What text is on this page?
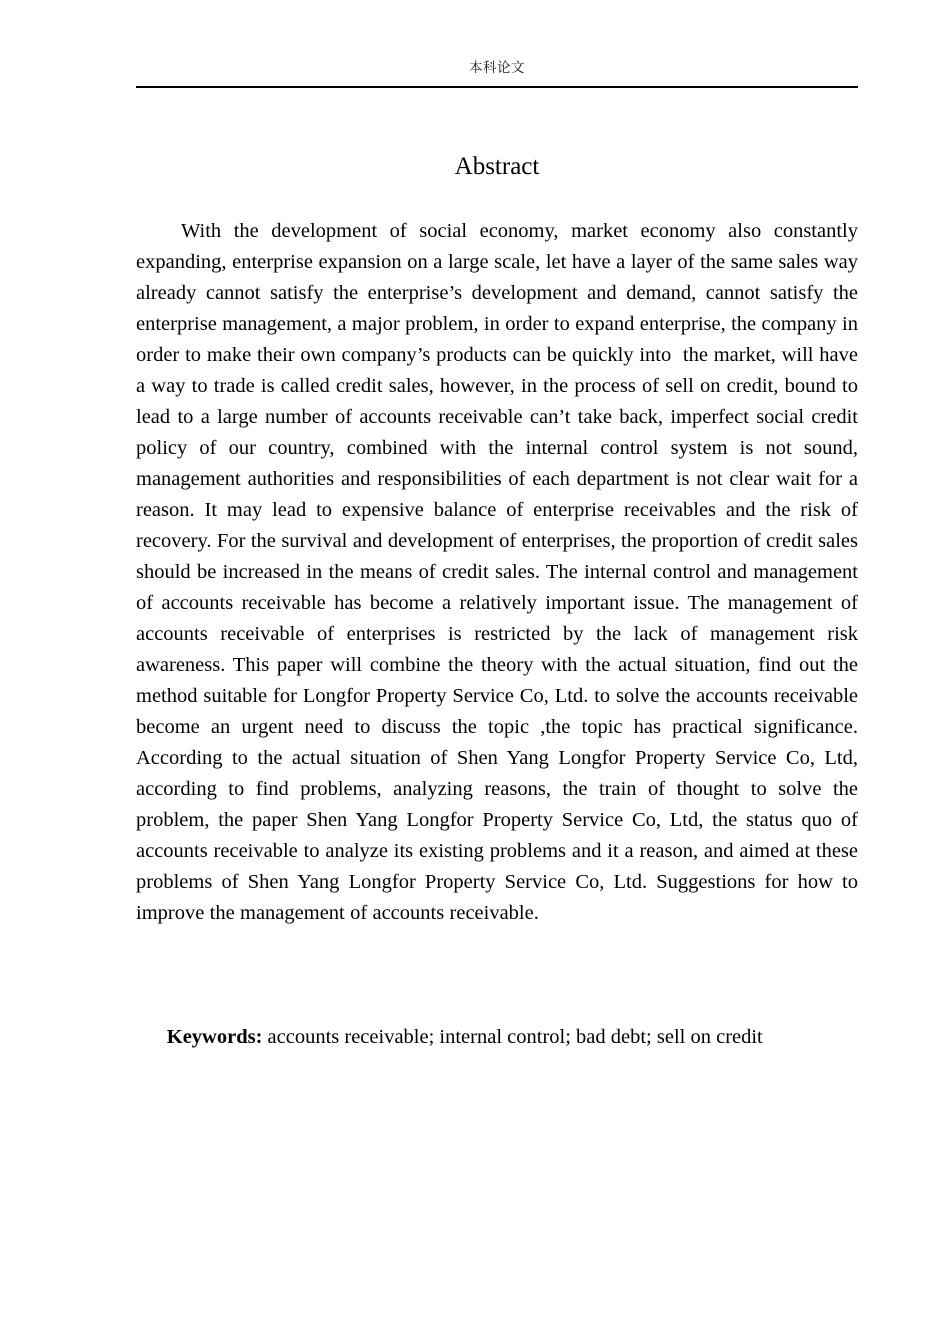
本科论文
Abstract

With the development of social economy, market economy also constantly expanding, enterprise expansion on a large scale, let have a layer of the same sales way already cannot satisfy the enterprise’s development and demand, cannot satisfy the enterprise management, a major problem, in order to expand enterprise, the company in order to make their own company’s products can be quickly into  the market, will have a way to trade is called credit sales, however, in the process of sell on credit, bound to lead to a large number of accounts receivable can’t take back, imperfect social credit policy of our country, combined with the internal control system is not sound, management authorities and responsibilities of each department is not clear wait for a reason. It may lead to expensive balance of enterprise receivables and the risk of recovery. For the survival and development of enterprises, the proportion of credit sales should be increased in the means of credit sales. The internal control and management of accounts receivable has become a relatively important issue. The management of accounts receivable of enterprises is restricted by the lack of management risk awareness. This paper will combine the theory with the actual situation, find out the method suitable for Longfor Property Service Co, Ltd. to solve the accounts receivable become an urgent need to discuss the topic ,the topic has practical significance. According to the actual situation of Shen Yang Longfor Property Service Co, Ltd, according to find problems, analyzing reasons, the train of thought to solve the problem, the paper Shen Yang Longfor Property Service Co, Ltd, the status quo of accounts receivable to analyze its existing problems and it a reason, and aimed at these problems of Shen Yang Longfor Property Service Co, Ltd. Suggestions for how to improve the management of accounts receivable.

Keywords: accounts receivable; internal control; bad debt; sell on credit
